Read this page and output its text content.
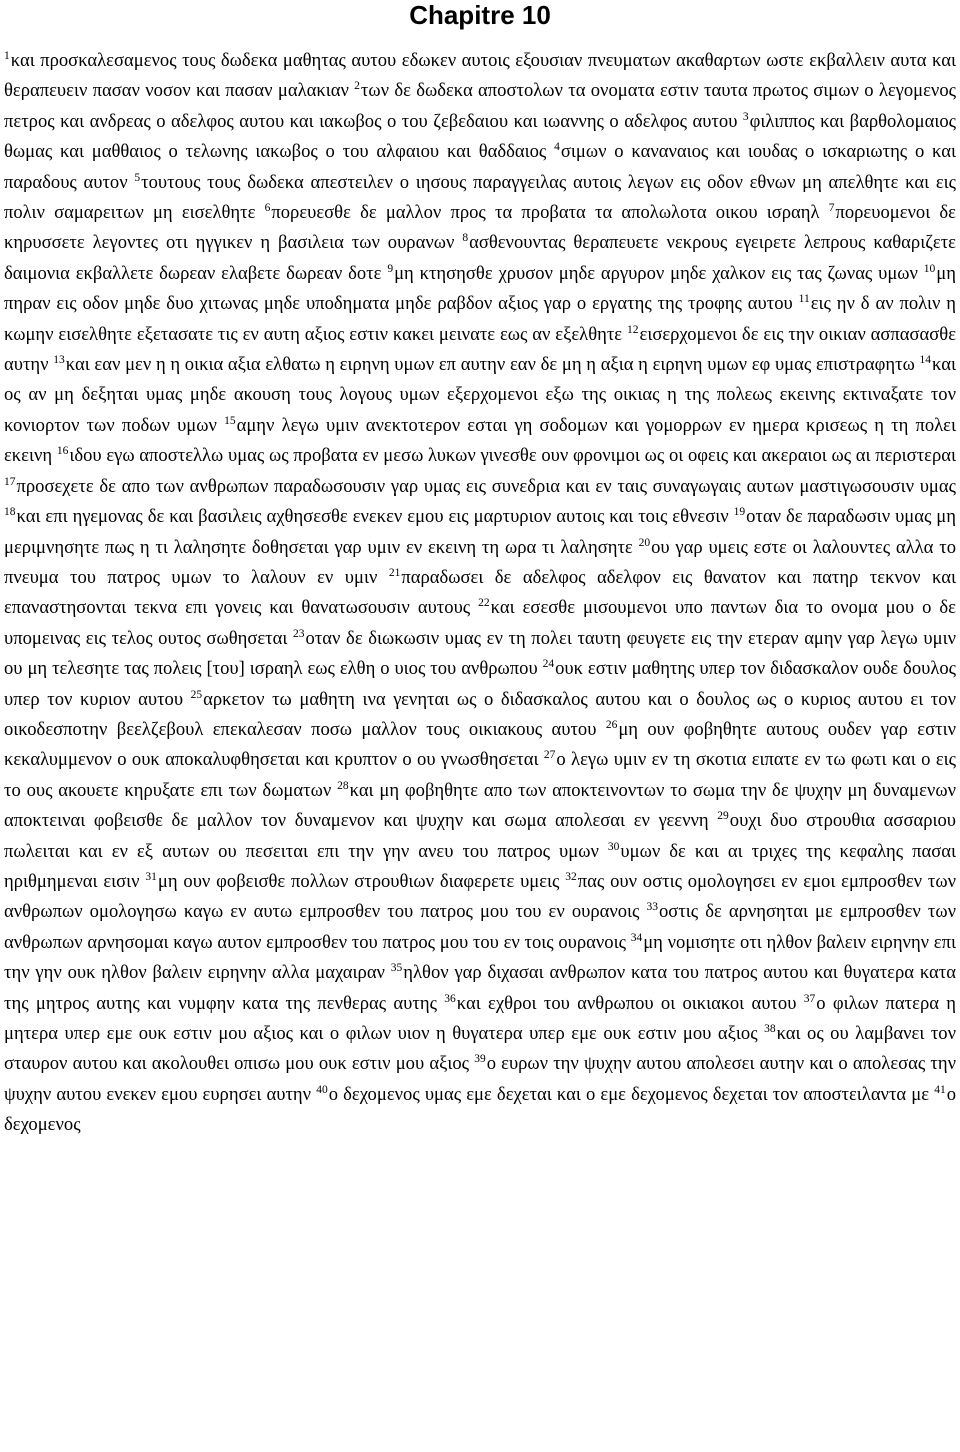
Chapitre 10

$^1$και προσκαλεσαμενος τους δωδεκα μαθητας αυτου εδωκεν αυτοις εξουσιαν πνευματων ακαθαρτων ωστε εκβαλλειν αυτα και θεραπευειν πασαν νοσον και πασαν μαλακιαν $^2$των δε δωδεκα αποστολων τα ονοματα εστιν ταυτα πρωτος σιμων ο λεγομενος πετρος και ανδρεας ο αδελφος αυτου και ιακωβος ο του ζεβεδαιου και ιωαννης ο αδελφος αυτου $^3$φιλιππος και βαρθολομαιος θωμας και μαθθαιος ο τελωνης ιακωβος ο του αλφαιου και θαδδαιος $^4$σιμων ο καναναιος και ιουδας ο ισκαριωτης ο και παραδους αυτον $^5$τουτους τους δωδεκα απεστειλεν ο ιησους παραγγειλας αυτοις λεγων εις οδον εθνων μη απελθητε και εις πολιν σαμαρειτων μη εισελθητε $^6$πορευεσθε δε μαλλον προς τα προβατα τα απολωλοτα οικου ισραηλ $^7$πορευομενοι δε κηρυσσετε λεγοντες οτι ηγγικεν η βασιλεια των ουρανων $^8$ασθενουντας θεραπευετε νεκρους εγειρετε λεπρους καθαριζετε δαιμονια εκβαλλετε δωρεαν ελαβετε δωρεαν δοτε $^9$μη κτησησθε χρυσον μηδε αργυρον μηδε χαλκον εις τας ζωνας υμων $^{10}$μη πηραν εις οδον μηδε δυο χιτωνας μηδε υποδηματα μηδε ραβδον αξιος γαρ ο εργατης της τροφης αυτου $^{11}$εις ην δ αν πολιν η κωμην εισελθητε εξετασατε τις εν αυτη αξιος εστιν κακει μεινατε εως αν εξελθητε $^{12}$εισερχομενοι δε εις την οικιαν ασπασασθε αυτην $^{13}$και εαν μεν η η οικια αξια ελθατω η ειρηνη υμων επ αυτην εαν δε μη η αξια η ειρηνη υμων εφ υμας επιστραφητω $^{14}$και ος αν μη δεξηται υμας μηδε ακουση τους λογους υμων εξερχομενοι εξω της οικιας η της πολεως εκεινης εκτιναξατε τον κονιορτον των ποδων υμων $^{15}$αμην λεγω υμιν ανεκτοτερον εσται γη σοδομων και γομορρων εν ημερα κρισεως η τη πολει εκεινη $^{16}$ιδου εγω αποστελλω υμας ως προβατα εν μεσω λυκων γινεσθε ουν φρονιμοι ως οι οφεις και ακεραιοι ως αι περιστεραι $^{17}$προσεχετε δε απο των ανθρωπων παραδωσουσιν γαρ υμας εις συνεδρια και εν ταις συναγωγαις αυτων μαστιγωσουσιν υμας $^{18}$και επι ηγεμονας δε και βασιλεις αχθησεσθε ενεκεν εμου εις μαρτυριον αυτοις και τοις εθνεσιν $^{19}$οταν δε παραδωσιν υμας μη μεριμνησητε πως η τι λαλησητε δοθησεται γαρ υμιν εν εκεινη τη ωρα τι λαλησητε $^{20}$ου γαρ υμεις εστε οι λαλουντες αλλα το πνευμα του πατρος υμων το λαλουν εν υμιν $^{21}$παραδωσει δε αδελφος αδελφον εις θανατον και πατηρ τεκνον και επαναστησονται τεκνα επι γονεις και θανατωσουσιν αυτους $^{22}$και εσεσθε μισουμενοι υπο παντων δια το ονομα μου ο δε υπομεινας εις τελος ουτος σωθησεται $^{23}$οταν δε διωκωσιν υμας εν τη πολει ταυτη φευγετε εις την ετεραν αμην γαρ λεγω υμιν ου μη τελεσητε τας πολεις [του] ισραηλ εως ελθη ο υιος του ανθρωπου $^{24}$ουκ εστιν μαθητης υπερ τον διδασκαλον ουδε δουλος υπερ τον κυριον αυτου $^{25}$αρκετον τω μαθητη ινα γενηται ως ο διδασκαλος αυτου και ο δουλος ως ο κυριος αυτου ει τον οικοδεσποτην βεελζεβουλ επεκαλεσαν ποσω μαλλον τους οικιακους αυτου $^{26}$μη ουν φοβηθητε αυτους ουδεν γαρ εστιν κεκαλυμμενον ο ουκ αποκαλυφθησεται και κρυπτον ο ου γνωσθησεται $^{27}$ο λεγω υμιν εν τη σκοτια ειπατε εν τω φωτι και ο εις το ους ακουετε κηρυξατε επι των δωματων $^{28}$και μη φοβηθητε απο των αποκτεινοντων το σωμα την δε ψυχην μη δυναμενων αποκτειναι φοβεισθε δε μαλλον τον δυναμενον και ψυχην και σωμα απολεσαι εν γεεννη $^{29}$ουχι δυο στρουθια ασσαριου πωλειται και εν εξ αυτων ου πεσειται επι την γην ανευ του πατρος υμων $^{30}$υμων δε και αι τριχες της κεφαλης πασαι ηριθμημεναι εισιν $^{31}$μη ουν φοβεισθε πολλων στρουθιων διαφερετε υμεις $^{32}$πας ουν οστις ομολογησει εν εμοι εμπροσθεν των ανθρωπων ομολογησω καγω εν αυτω εμπροσθεν του πατρος μου του εν ουρανοις $^{33}$οστις δε αρνησηται με εμπροσθεν των ανθρωπων αρνησομαι καγω αυτον εμπροσθεν του πατρος μου του εν τοις ουρανοις $^{34}$μη νομισητε οτι ηλθον βαλειν ειρηνην επι την γην ουκ ηλθον βαλειν ειρηνην αλλα μαχαιραν $^{35}$ηλθον γαρ διχασαι ανθρωπον κατα του πατρος αυτου και θυγατερα κατα της μητρος αυτης και νυμφην κατα της πενθερας αυτης $^{36}$και εχθροι του ανθρωπου οι οικιακοι αυτου $^{37}$ο φιλων πατερα η μητερα υπερ εμε ουκ εστιν μου αξιος και ο φιλων υιον η θυγατερα υπερ εμε ουκ εστιν μου αξιος $^{38}$και ος ου λαμβανει τον σταυρον αυτου και ακολουθει οπισω μου ουκ εστιν μου αξιος $^{39}$ο ευρων την ψυχην αυτου απολεσει αυτην και ο απολεσας την ψυχην αυτου ενεκεν εμου ευρησει αυτην $^{40}$ο δεχομενος υμας εμε δεχεται και ο εμε δεχομενος δεχεται τον αποστειλαντα με $^{41}$ο δεχομενος
